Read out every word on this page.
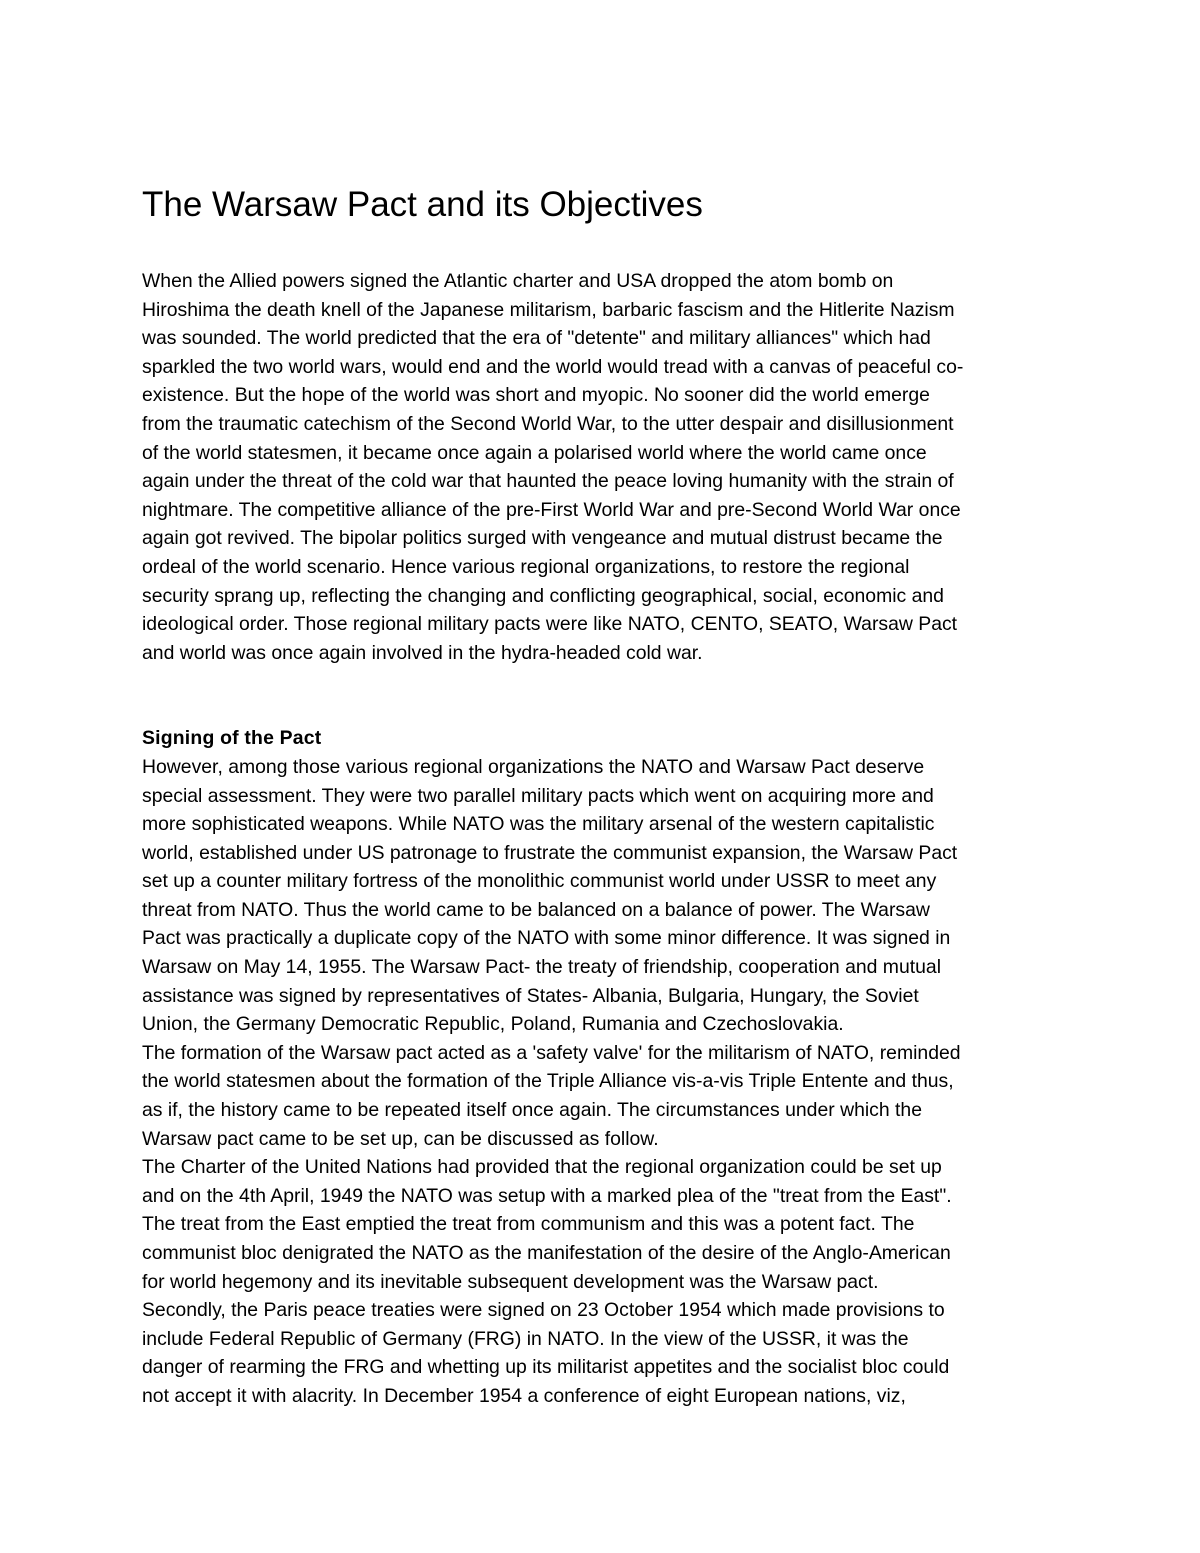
The Warsaw Pact and its Objectives
When the Allied powers signed the Atlantic charter and USA dropped the atom bomb on
Hiroshima the death knell of the Japanese militarism, barbaric fascism and the Hitlerite Nazism
was sounded. The world predicted that the era of "detente" and military alliances" which had
sparkled the two world wars, would end and the world would tread with a canvas of peaceful co-
existence. But the hope of the world was short and myopic. No sooner did the world emerge
from the traumatic catechism of the Second World War, to the utter despair and disillusionment
of the world statesmen, it became once again a polarised world where the world came once
again under the threat of the cold war that haunted the peace loving humanity with the strain of
nightmare. The competitive alliance of the pre-First World War and pre-Second World War once
again got revived. The bipolar politics surged with vengeance and mutual distrust became the
ordeal of the world scenario. Hence various regional organizations, to restore the regional
security sprang up, reflecting the changing and conflicting geographical, social, economic and
ideological order. Those regional military pacts were like NATO, CENTO, SEATO, Warsaw Pact
and world was once again involved in the hydra-headed cold war.
Signing of the Pact
However, among those various regional organizations the NATO and Warsaw Pact deserve
special assessment. They were two parallel military pacts which went on acquiring more and
more sophisticated weapons. While NATO was the military arsenal of the western capitalistic
world, established under US patronage to frustrate the communist expansion, the Warsaw Pact
set up a counter military fortress of the monolithic communist world under USSR to meet any
threat from NATO. Thus the world came to be balanced on a balance of power. The Warsaw
Pact was practically a duplicate copy of the NATO with some minor difference. It was signed in
Warsaw on May 14, 1955. The Warsaw Pact- the treaty of friendship, cooperation and mutual
assistance was signed by representatives of States- Albania, Bulgaria, Hungary, the Soviet
Union, the Germany Democratic Republic, Poland, Rumania and Czechoslovakia.
The formation of the Warsaw pact acted as a 'safety valve' for the militarism of NATO, reminded
the world statesmen about the formation of the Triple Alliance vis-a-vis Triple Entente and thus,
as if, the history came to be repeated itself once again. The circumstances under which the
Warsaw pact came to be set up, can be discussed as follow.
The Charter of the United Nations had provided that the regional organization could be set up
and on the 4th April, 1949 the NATO was setup with a marked plea of the "treat from the East".
The treat from the East emptied the treat from communism and this was a potent fact. The
communist bloc denigrated the NATO as the manifestation of the desire of the Anglo-American
for world hegemony and its inevitable subsequent development was the Warsaw pact.
Secondly, the Paris peace treaties were signed on 23 October 1954 which made provisions to
include Federal Republic of Germany (FRG) in NATO. In the view of the USSR, it was the
danger of rearming the FRG and whetting up its militarist appetites and the socialist bloc could
not accept it with alacrity. In December 1954 a conference of eight European nations, viz,
